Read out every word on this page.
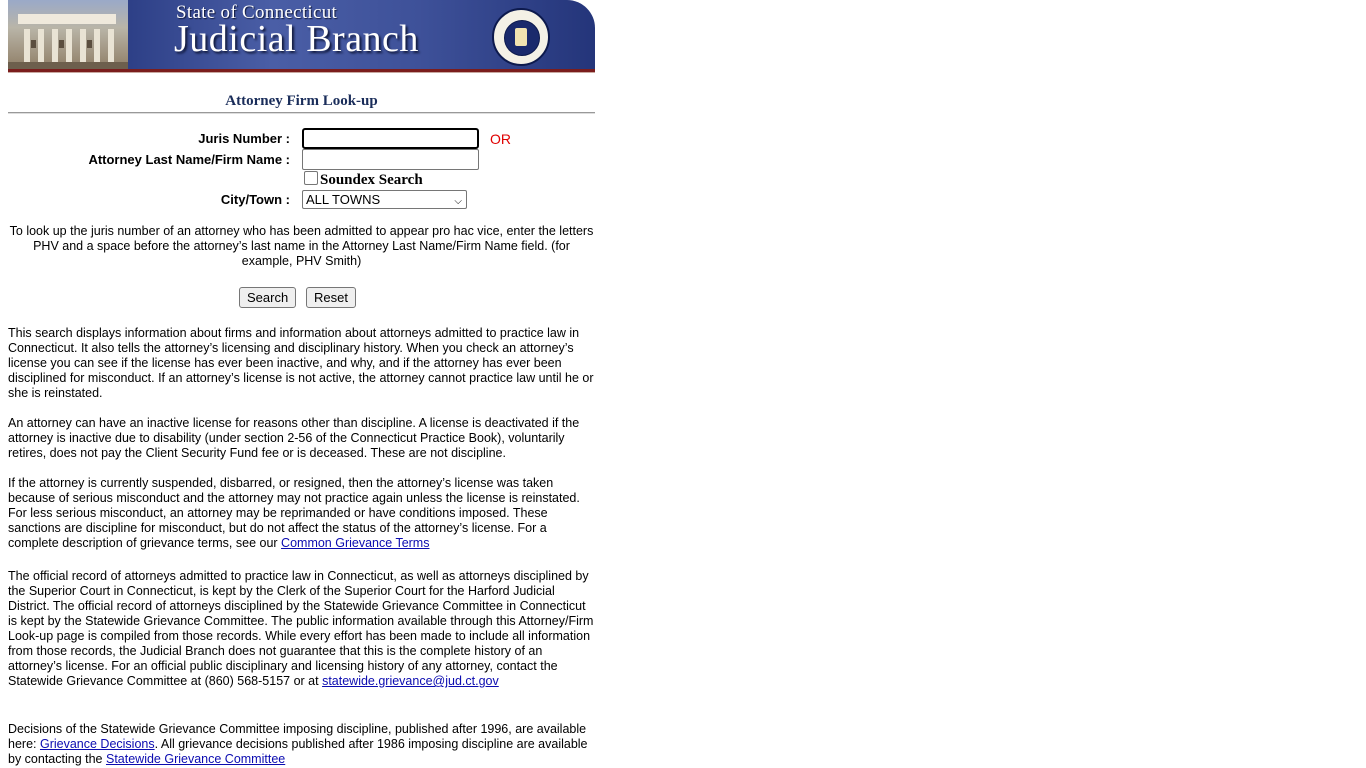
State of Connecticut
Judicial Branch
Attorney Firm Look-up
Juris Number :	OR
Attorney Last Name/Firm Name :
Soundex Search
City/Town :	ALL TOWNS	⌵
To look up the juris number of an attorney who has been admitted to appear pro hac vice, enter the letters PHV and a space before the attorney’s last name in the Attorney Last Name/Firm Name field. (for example, PHV Smith)
Search	Reset
This search displays information about firms and information about attorneys admitted to practice law in Connecticut. It also tells the attorney’s licensing and disciplinary history. When you check an attorney’s license you can see if the license has ever been inactive, and why, and if the attorney has ever been disciplined for misconduct. If an attorney’s license is not active, the attorney cannot practice law until he or she is reinstated.
An attorney can have an inactive license for reasons other than discipline. A license is deactivated if the attorney is inactive due to disability (under section 2-56 of the Connecticut Practice Book), voluntarily retires, does not pay the Client Security Fund fee or is deceased. These are not discipline.
If the attorney is currently suspended, disbarred, or resigned, then the attorney’s license was taken because of serious misconduct and the attorney may not practice again unless the license is reinstated. For less serious misconduct, an attorney may be reprimanded or have conditions imposed. These sanctions are discipline for misconduct, but do not affect the status of the attorney’s license. For a complete description of grievance terms, see our Common Grievance Terms
The official record of attorneys admitted to practice law in Connecticut, as well as attorneys disciplined by the Superior Court in Connecticut, is kept by the Clerk of the Superior Court for the Harford Judicial District. The official record of attorneys disciplined by the Statewide Grievance Committee in Connecticut is kept by the Statewide Grievance Committee. The public information available through this Attorney/Firm Look-up page is compiled from those records. While every effort has been made to include all information from those records, the Judicial Branch does not guarantee that this is the complete history of an attorney’s license. For an official public disciplinary and licensing history of any attorney, contact the Statewide Grievance Committee at (860) 568-5157 or at statewide.grievance@jud.ct.gov
Decisions of the Statewide Grievance Committee imposing discipline, published after 1996, are available here: Grievance Decisions. All grievance decisions published after 1986 imposing discipline are available by contacting the Statewide Grievance Committee
